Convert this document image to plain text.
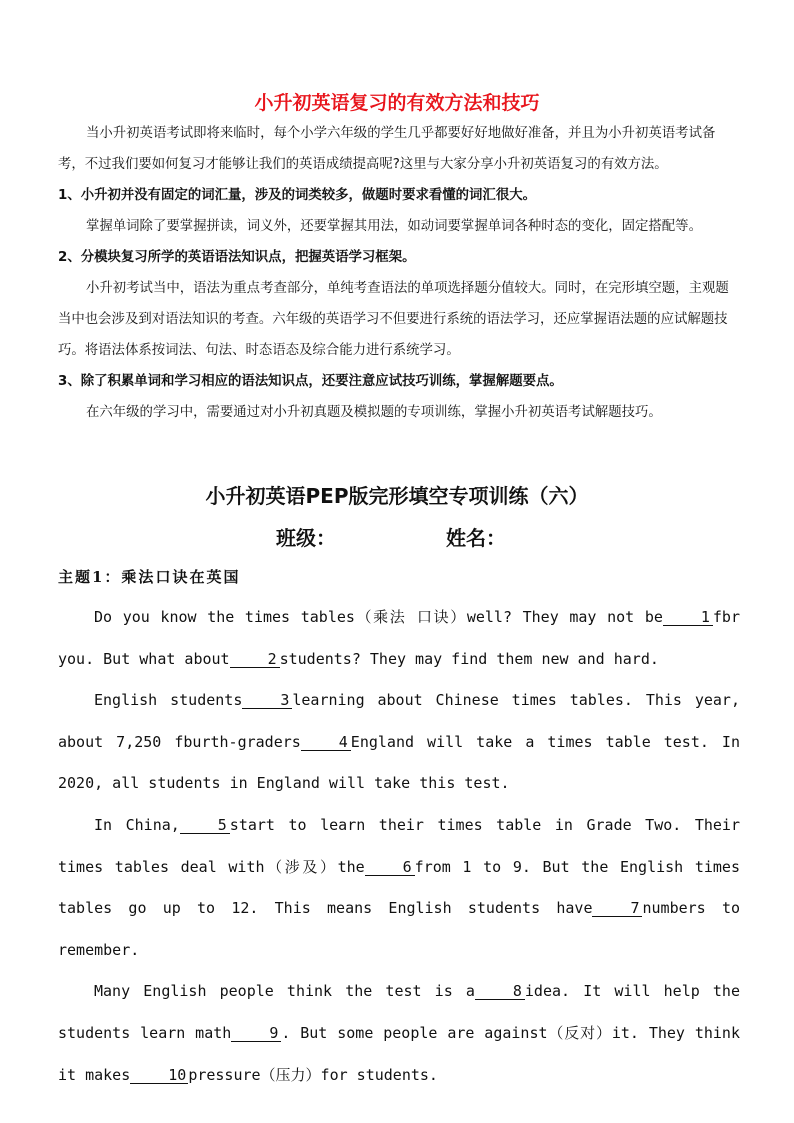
小升初英语复习的有效方法和技巧

当小升初英语考试即将来临时，每个小学六年级的学生几乎都要好好地做好准备，并且为小升初英语考试备考，不过我们要如何复习才能够让我们的英语成绩提高呢?这里与大家分享小升初英语复习的有效方法。

1、小升初并没有固定的词汇量，涉及的词类较多，做题时要求看懂的词汇很大。

掌握单词除了要掌握拼读，词义外，还要掌握其用法，如动词要掌握单词各种时态的变化，固定搭配等。

2、分模块复习所学的英语语法知识点，把握英语学习框架。

小升初考试当中，语法为重点考查部分，单纯考查语法的单项选择题分值较大。同时，在完形填空题，主观题当中也会涉及到对语法知识的考查。六年级的英语学习不但要进行系统的语法学习，还应掌握语法题的应试解题技巧。将语法体系按词法、句法、时态语态及综合能力进行系统学习。

3、除了积累单词和学习相应的语法知识点，还要注意应试技巧训练，掌握解题要点。

在六年级的学习中，需要通过对小升初真题及模拟题的专项训练，掌握小升初英语考试解题技巧。

小升初英语PEP版完形填空专项训练（六）
班级：	姓名：
主题1：乘法口诀在英国

Do you know the times tables（乘法 口诀）well? They may not be	1 fbr you. But what about	2 students? They may find them new and hard.

English students	3 learning about Chinese times tables. This year, about 7,250 fburth-graders	4 England will take a times table test. In 2020, all students in England will take this test.

In China,	5 start to learn their times table in Grade Two. Their times tables deal with（涉及）the	6 from 1 to 9. But the English times tables go up to 12. This means English students have	7 numbers to remember.

Many English people think the test is a	8 idea. It will help the students learn math	9 . But some people are against（反对）it. They think it makes	10 pressure（压力）for students.
